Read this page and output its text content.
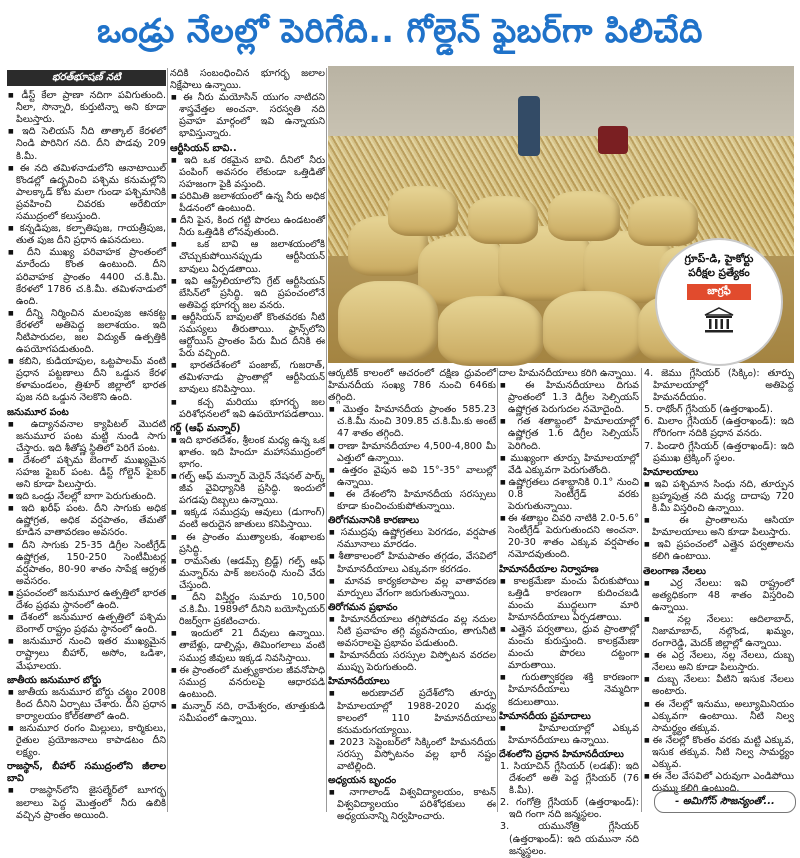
ఒండ్రు నేలల్లో పెరిగేది.. గోల్డెన్ ఫైబర్‌గా పిలిచేది
గ్రూప్-డి, హైకోర్టు
పరీక్షల ప్రత్యేకం
జాగ్రఫీ
భరత్‌భూషణ్ నటి

■ డీస్ట్ కేలా ప్రాణా నదిగా పవిగుతుంది. నీలా, సొన్నారి, కుర్తుటిన్నా అని కూడా పిలుస్తారు.

■ ఇది సెలియస్ నీది తాత్కాల్ కేరళలో నిండి పొరినిగ నది. దీని పొడవు 209 కి.మీ.

■ ఈ నది తమిళనాడులోని ఆనాటాయిల్ కొండల్లో ఉద్భవించి పశ్చిమ కనుమల్లోని పాలక్కాడ్ కోట మలా గుండా పశ్చిమానికి ప్రవహించి చివరకు అరేబియా సముద్రంలో కలుస్తుంది.

■ కన్నడిపుజ, కల్పాతిపుజ, గాయత్రీపుజ, తుత పుజ దీని ప్రధాన ఉపనదులు.

■ దీని ముఖ్య పరివాహక ప్రాంతంలో మారేందు కొంత ఉంటుంది. దీని పరివాహక ప్రాంతం 4400 చ.కి.మీ. కేరళలో 1786 చ.కి.మీ. తమిళనాడులో ఉంది.

■ దీన్ని నిర్మించిన మలంపుజ ఆనకట్ట కేరళలో అతిపెద్ద జలాశయం. ఇది నీటిపారుదల, జల విద్యుత్ ఉత్పత్తికి ఉపయోగపడుతుంది.

■ కబిని, కుడియాపుల, ఒట్టపాలమ్ వంటి ప్రధాన పట్టణాలు దీని ఒడ్డున కేరళ కళామండలం, త్రిశూర్ జిల్లాలో భారత పుజ నది ఒడ్డున నెలకొని ఉంది.

జనుమూర పంట

■ ఉద్యానవనాల క్యాపిటల్ మొదటి జనుమూర పంట మట్టి నుండి సాగు చేస్తారు. ఇది శీతోష్ణ స్థితిలో పెరిగే పంట.

■ దేశంలో పశ్చిమ బెంగాల్ ముఖ్యమైన సహజ ఫైబర్ పంట. డీస్ట్ గోల్డెన్ ఫైబర్ అని కూడా పిలుస్తారు.

■ ఇది ఒండ్రు నేలల్లో బాగా పెరుగుతుంది.

■ ఇది ఖరీఫ్ పంట. దీని సాగుకు అధిక ఉష్ణోగ్రత, అధిక వర్షపాతం, తేమతో కూడిన వాతావరణం అవసరం.

■ దీని సాగుకు 25-35 డిగ్రీల సెంటీగ్రేడ్ ఉష్ణోగ్రత, 150-250 సెంటీమీటర్ల వర్షపాతం, 80-90 శాతం సాపేక్ష ఆర్ద్రత అవసరం.

■ ప్రపంచంలో జనుమూర ఉత్పత్తిలో భారత దేశం ప్రథమ స్థానంలో ఉంది.

■ దేశంలో జనుమూర ఉత్పత్తిలో పశ్చిమ బెంగాల్ రాష్ట్రం ప్రథమ స్థానంలో ఉంది.

■ జనుమూర నుంచి ఇతర ముఖ్యమైన రాష్ట్రాలు బీహార్, అసోం, ఒడిశా, మేఘాలయ.

జాతీయ జనుమూర బోర్డు

■ జాతీయ జనుమూర బోర్డు చట్టం 2008 కింద దీనిని ఏర్పాటు చేశారు. దీని ప్రధాన కార్యాలయం కోల్‌కతాలో ఉంది.

■ జనుమూర రంగం మిల్లులు, కార్మికులు, రైతుల ప్రయోజనాలు కాపాడటం దీని లక్ష్యం.

రాజస్థాన్, బీహార్ సముద్రంలోని జీలాల బావి

■ రాజస్థాన్‌లోని జైసల్మేర్‌లో బూగర్భ జలాలు పెద్ద మొత్తంలో నీరు ఉబికి వచ్చిన ప్రాంతం అయింది.

నదికి సంబంధించిన భూగర్భ జలాల నిక్షేపాలు ఉన్నాయి.

■ ఈ నీరు మయోసిన్ యుగం నాటిదని శాస్త్రవేత్తల అంచనా. సరస్వతి నది ప్రవాహ మార్గంలో ఇవి ఉన్నాయని భావిస్తున్నారు.

ఆర్టీసియన్ బావి..

■ ఇది ఒక రకమైన బావి. దీనిలో నీరు పంపింగ్ అవసరం లేకుండా ఒత్తిడితో సహజంగా పైకి వస్తుంది.

■ పరిమితి జలాశయంలో ఉన్న నీరు అధిక పీడనంలో ఉంటుంది.

■ దీని పైన, కింద గట్టి పొరలు ఉండటంతో నీరు ఒత్తిడికి లోనవుతుంది.

■ ఒక బావి ఆ జలాశయంలోకి చొచ్చుకుపోయినప్పుడు ఆర్టీసియన్ బావులు ఏర్పడతాయి.

■ ఇవి ఆస్ట్రేలియాలోని గ్రేట్ ఆర్టీసియన్ బేసిన్‌లో ప్రసిద్ధి. ఇది ప్రపంచంలోనే అతిపెద్ద భూగర్భ జల వనరు.

■ ఆర్టీసియన్ బావులతో కొంతవరకు నీటి సమస్యలు తీరుతాయి. ఫ్రాన్స్‌లోని ఆర్టోయిస్ ప్రాంతం పేరు మీద దీనికి ఈ పేరు వచ్చింది.

■ భారతదేశంలో పంజాబ్, గుజరాత్, తమిళనాడు ప్రాంతాల్లో ఆర్టీసియన్ బావులు కనిపిస్తాయి.

■ కచ్చ మరియు భూగర్భ జల పరిశోధనలలో ఇవి ఉపయోగపడతాయి.

గర్జ్ (ఆఫ్ మన్నార్)

■ ఇది భారతదేశం, శ్రీలంక మధ్య ఉన్న ఒక ఖాతం. ఇది హిందూ మహాసముద్రంలో భాగం.

■ గల్ఫ్ ఆఫ్ మన్నార్ మెరైన్ నేషనల్ పార్క్ జీవ వైవిధ్యానికి ప్రసిద్ధి. ఇందులో పగడపు దిబ్బలు ఉన్నాయి.

■ ఇక్కడ సముద్రపు ఆవులు (డుగాంగ్) వంటి అరుదైన జాతులు కనిపిస్తాయి.

■ ఈ ప్రాంతం ముత్యాలకు, శంఖాలకు ప్రసిద్ధి.

■ రామసేతు (ఆడమ్స్ బ్రిడ్జ్) గల్ఫ్ ఆఫ్ మన్నార్‌ను పాక్ జలసంధి నుంచి వేరు చేస్తుంది.

■ దీని విస్తీర్ణం సుమారు 10,500 చ.కి.మీ. 1989లో దీనిని బయోస్పియర్ రిజర్వ్‌గా ప్రకటించారు.

■ ఇందులో 21 దీవులు ఉన్నాయి. తాబేళ్లు, డాల్ఫిన్లు, తిమింగలాలు వంటి సముద్ర జీవులు ఇక్కడ నివసిస్తాయి.

■ ఈ ప్రాంతంలో మత్స్యకారుల జీవనోపాధి సముద్ర వనరులపై ఆధారపడి ఉంటుంది.

■ మన్నార్ నది, రామేశ్వరం, తూత్తుకుడి సమీపంలో ఉన్నాయి.

ఆర్కటిక్ కాలంలో ఆచరంలో దక్షిణ ధ్రువంలో హిమనదీయ సంఖ్య 786 నుంచి 646కు తగ్గింది.

■ మొత్తం హిమానదీయ ప్రాంతం 585.23 చ.కి.మీ నుంచి 309.85 చ.కి.మీ.కు అంటే 47 శాతం తగ్గింది.

■ రాణా హిమానదీయాల 4,500-4,800 మీ ఎత్తులో ఉన్నాయి.

■ ఉత్తరం వైపున అవి 15°-35° వాలుల్లో ఉన్నాయి.

■ ఈ దేశంలోని హిమానదీయ సరస్సులు కూడా కుంచించుకుపోతున్నాయి.

తిరోగమనానికి కారణాలు

■ సముద్రపు ఉష్ణోగ్రతలు పెరగడం, వర్షపాత నమూనాలు మారడం.

■ శీతాకాలంలో హిమపాతం తగ్గడం, వేసవిలో హిమానదీయాలు ఎక్కువగా కరగడం.

■ మానవ కార్యకలాపాల వల్ల వాతావరణ మార్పులు వేగంగా జరుగుతున్నాయి.

తిరోగమన ప్రభావం

■ హిమానదీయాలు తగ్గిపోవడం వల్ల నదుల నీటి ప్రవాహం తగ్గి వ్యవసాయం, తాగునీటి అవసరాలపై ప్రభావం పడుతుంది.

■ హిమానదీయ సరస్సుల విస్ఫోటన వరదల ముప్పు పెరుగుతుంది.

హిమానదీయాలు

■ అరుణాచల్ ప్రదేశ్‌లోని తూర్పు హిమాలయాల్లో 1988-2020 మధ్య కాలంలో 110 హిమానదీయాలు కనుమరుగయ్యాయి.

■ 2023 సెప్టెంబర్‌లో సిక్కింలో హిమనదీయ సరస్సు విస్ఫోటనం వల్ల భారీ నష్టం వాటిల్లింది.

అధ్యయన బృందం

■ నాగాలాండ్ విశ్వవిద్యాలయం, కాటన్ విశ్వవిద్యాలయం పరిశోధకులు ఈ అధ్యయనాన్ని నిర్వహించారు.

దాల హిమనదీయాలు కరిగి ఉన్నాయి.

■ ఈ హిమనదీయాలు దిగువ ప్రాంతంలో 1.3 డిగ్రీల సెల్సియస్ ఉష్ణోగ్రత పెరుగుదల నమోదైంది.

■ గత శతాబ్దంలో హిమాలయాల్లో ఉష్ణోగ్రత 1.6 డిగ్రీల సెల్సియస్ పెరిగింది.

■ ముఖ్యంగా తూర్పు హిమాలయాల్లో వేడి ఎక్కువగా పెరుగుతోంది.

■ ఉష్ణోగ్రతలు దశాబ్దానికి 0.1° నుంచి 0.8 సెంటీగ్రేడ్ వరకు పెరుగుతున్నాయి.

■ ఈ శతాబ్దం చివరి నాటికి 2.0-5.6° సెంటీగ్రేడ్ పెరుగుతుందని అంచనా. 20-30 శాతం ఎక్కువ వర్షపాతం నమోదవుతుంది.

హిమానదీయాల నిర్వాహణ

■ కాలక్రమేణా మంచు పేరుకుపోయి ఒత్తిడి కారణంగా కుదించబడి మంచు ముద్దలుగా మారి హిమానదీయాలు ఏర్పడతాయి.

■ ఎత్తైన పర్వతాలు, ధ్రువ ప్రాంతాల్లో మంచు కురుస్తుంది. కాలక్రమేణా మంచు పొరలు దట్టంగా మారుతాయి.

■ గురుత్వాకర్షణ శక్తి కారణంగా హిమానదీయాలు నెమ్మదిగా కదులుతాయి.

హిమానదీయ ప్రమాదాలు

■ హిమాలయాల్లో ఎక్కువ హిమానదీయాలు ఉన్నాయి.

దేశంలోని ప్రధాన హిమానదీయాలు

1. సియాచిన్ గ్లేసియర్ (లడఖ్): ఇది దేశంలో అతి పెద్ద గ్లేసియర్ (76 కి.మీ).

2. గంగోత్రి గ్లేసియర్ (ఉత్తరాఖండ్): ఇది గంగా నది జన్మస్థలం.

3. యమునోత్రి గ్లేసియర్ (ఉత్తరాఖండ్): ఇది యమునా నది జన్మస్థలం.

4. జెము గ్లేసియర్ (సిక్కిం): తూర్పు హిమాలయాల్లో అతిపెద్ద హిమనదీయం.

5. రాథోంగ్ గ్లేసియర్ (ఉత్తరాఖండ్).

6. మిలాం గ్లేసియర్ (ఉత్తరాఖండ్): ఇది గోరిగంగా నదికి ప్రధాన వనరు.

7. పిండారి గ్లేసియర్ (ఉత్తరాఖండ్): ఇది ప్రముఖ ట్రెక్కింగ్ స్థలం.

హిమాలయాలు

■ ఇవి పశ్చిమాన సింధు నది, తూర్పున బ్రహ్మపుత్ర నది మధ్య దాదాపు 720 కి.మీ విస్తరించి ఉన్నాయి.

■ ఈ ప్రాంతాలను ఆసియా హిమాలయాలు అని కూడా పిలుస్తారు.

■ ఇవి ప్రపంచంలో ఎత్తైన పర్వతాలను కలిగి ఉంటాయి.

తెలంగాణ నేలలు

■ ఎర్ర నేలలు: ఇవి రాష్ట్రంలో అత్యధికంగా 48 శాతం విస్తరించి ఉన్నాయి.

■ నల్ల నేలలు: ఆదిలాబాద్, నిజామాబాద్, నల్గొండ, ఖమ్మం, రంగారెడ్డి, మెదక్ జిల్లాల్లో ఉన్నాయి.

■ ఈ ఎర్ర నేలలు, నల్ల నేలలు, దుబ్బ నేలలు అని కూడా పిలుస్తారు.

■ దుబ్బ నేలలు: వీటిని ఇసుక నేలలు అంటారు.

■ ఈ నేలల్లో ఇనుము, అల్యూమినియం ఎక్కువగా ఉంటాయి. నీటి నిల్వ సామర్థ్యం తక్కువ.

■ ఈ నేలల్లో కొంతం వరకు మట్టి ఎక్కువ, ఇసుక తక్కువ. నీటి నిల్వ సామర్థ్యం ఎక్కువ.

■ ఈ నేల వేసవిలో ఎరువుగా ఎండిపోయి దుమ్ము కలిగి ఉంటుంది.

- అమిగోస్ సౌజన్యంతో...
